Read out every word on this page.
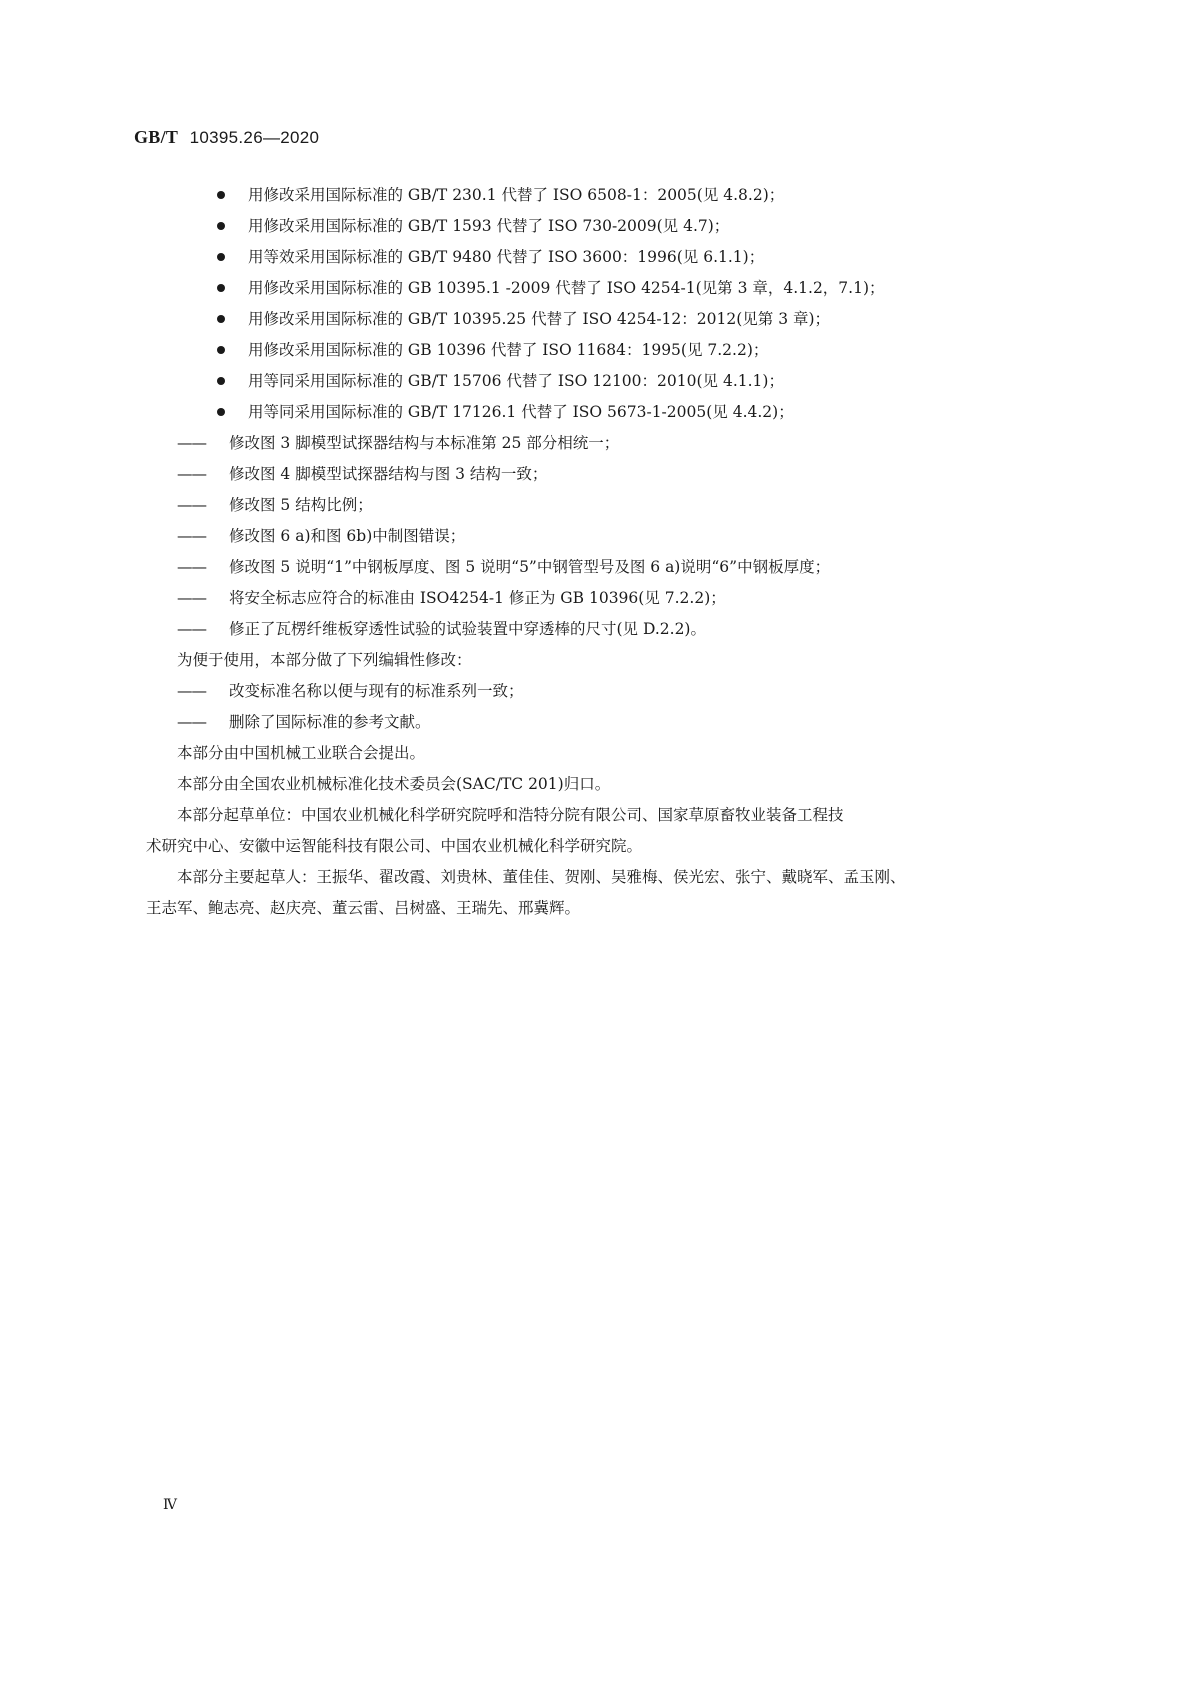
GB/T 10395.26—2020
用修改采用国际标准的 GB/T 230.1 代替了 ISO 6508-1：2005(见 4.8.2)；
用修改采用国际标准的 GB/T 1593 代替了 ISO 730-2009(见 4.7)；
用等效采用国际标准的 GB/T 9480 代替了 ISO 3600：1996(见 6.1.1)；
用修改采用国际标准的 GB 10395.1 -2009 代替了 ISO 4254-1(见第 3 章，4.1.2，7.1)；
用修改采用国际标准的 GB/T 10395.25 代替了 ISO 4254-12：2012(见第 3 章)；
用修改采用国际标准的 GB 10396 代替了 ISO 11684：1995(见 7.2.2)；
用等同采用国际标准的 GB/T 15706 代替了 ISO 12100：2010(见 4.1.1)；
用等同采用国际标准的 GB/T 17126.1 代替了 ISO 5673-1-2005(见 4.4.2)；
—— 修改图 3 脚模型试探器结构与本标准第 25 部分相统一；
—— 修改图 4 脚模型试探器结构与图 3 结构一致；
—— 修改图 5 结构比例；
—— 修改图 6 a)和图 6b)中制图错误；
—— 修改图 5 说明“1”中钢板厚度、图 5 说明“5”中钢管型号及图 6 a)说明“6”中钢板厚度；
—— 将安全标志应符合的标准由 ISO4254-1 修正为 GB 10396(见 7.2.2)；
—— 修正了瓦楞纤维板穿透性试验的试验装置中穿透棒的尺寸(见 D.2.2)。

为便于使用，本部分做了下列编辑性修改：

—— 改变标准名称以便与现有的标准系列一致；
—— 删除了国际标准的参考文献。

本部分由中国机械工业联合会提出。

本部分由全国农业机械标准化技术委员会(SAC/TC 201)归口。

本部分起草单位：中国农业机械化科学研究院呼和浩特分院有限公司、国家草原畜牧业装备工程技
术研究中心、安徽中运智能科技有限公司、中国农业机械化科学研究院。

本部分主要起草人：王振华、翟改霞、刘贵林、董佳佳、贺刚、吴雅梅、侯光宏、张宁、戴晓军、孟玉刚、
王志军、鲍志亮、赵庆亮、董云雷、吕树盛、王瑞先、邢冀辉。

Ⅳ
